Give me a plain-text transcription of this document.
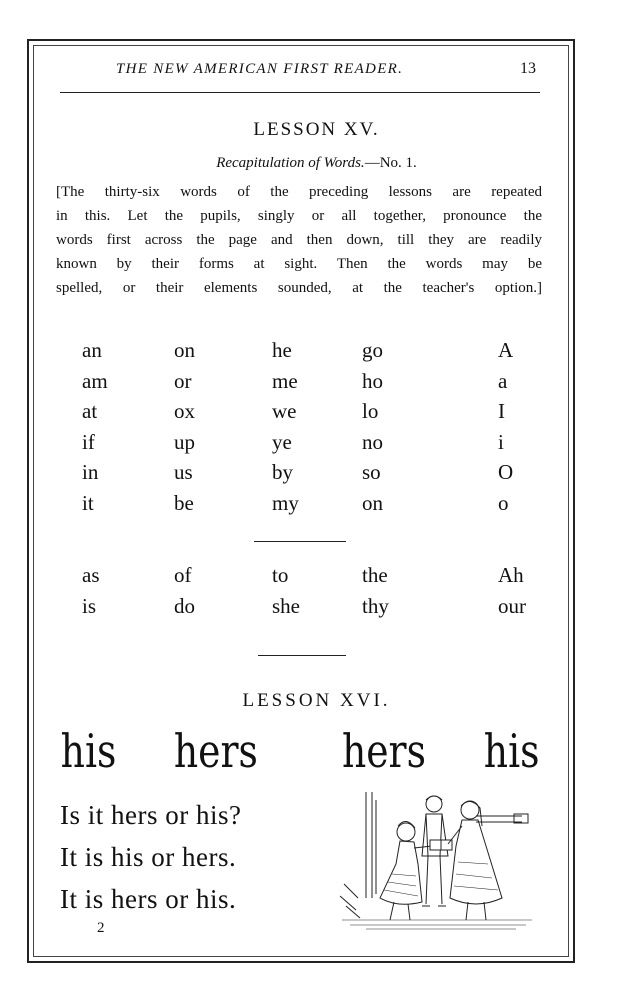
THE NEW AMERICAN FIRST READER.	13
LESSON XV.
Recapitulation of Words.—No. 1.
[The thirty-six words of the preceding lessons are repeated
in this. Let the pupils, singly or all together, pronounce the
words first across the page and then down, till they are readily
known by their forms at sight. Then the words may be
spelled, or their elements sounded, at the teacher's option.]
an	on	he	go	A
am	or	me	ho	a
at	ox	we	lo	I
if	up	ye	no	i
in	us	by	so	O
it	be	my	on	o
as	of	to	the	Ah
is	do	she	thy	our
LESSON XVI.
his hers hers his
Is it hers or his?
It is his or hers.
It is hers or his.
2
